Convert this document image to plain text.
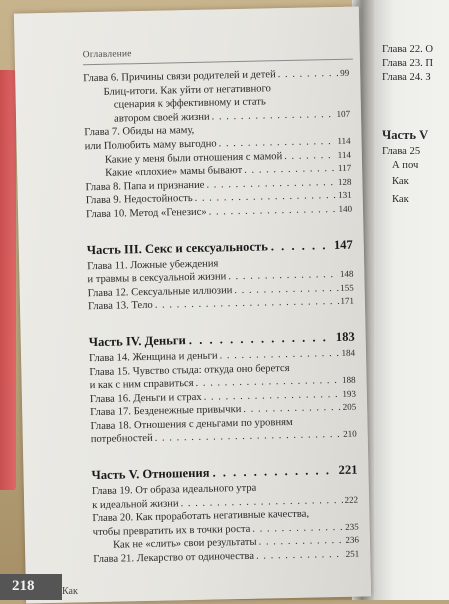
Глава 22. О
Глава 23. П
Глава 24. З
Часть V
Глава 25
А поч
Как
Как
Оглавление
Глава 6. Причины связи родителей и детей . . .	99
Блиц-итоги. Как уйти от негативного
сценария к эффективному и стать
автором своей жизни . . .	107
Глава 7. Обиды на маму,
или Полюбить маму выгодно . . .	114
Какие у меня были отношения с мамой . . .	114
Какие «плохие» мамы бывают . . .	117
Глава 8. Папа и признание . . .	128
Глава 9. Недостойность . . .	131
Глава 10. Метод «Генезис» . . .	140
Часть III. Секс и сексуальность . . .	147
Глава 11. Ложные убеждения
и травмы в сексуальной жизни . . .	148
Глава 12. Сексуальные иллюзии . . .	155
Глава 13. Тело . . .	171
Часть IV. Деньги . . .	183
Глава 14. Женщина и деньги . . .	184
Глава 15. Чувство стыда: откуда оно берется
и как с ним справиться . . .	188
Глава 16. Деньги и страх . . .	193
Глава 17. Безденежные привычки . . .	205
Глава 18. Отношения с деньгами по уровням
потребностей . . .	210
Часть V. Отношения . . .	221
Глава 19. От образа идеального утра
к идеальной жизни . . .	222
Глава 20. Как проработать негативные качества,
чтобы превратить их в точки роста . . .	235
Как не «слить» свои результаты . . .	236
Глава 21. Лекарство от одиночества . . .	251
218	Как
